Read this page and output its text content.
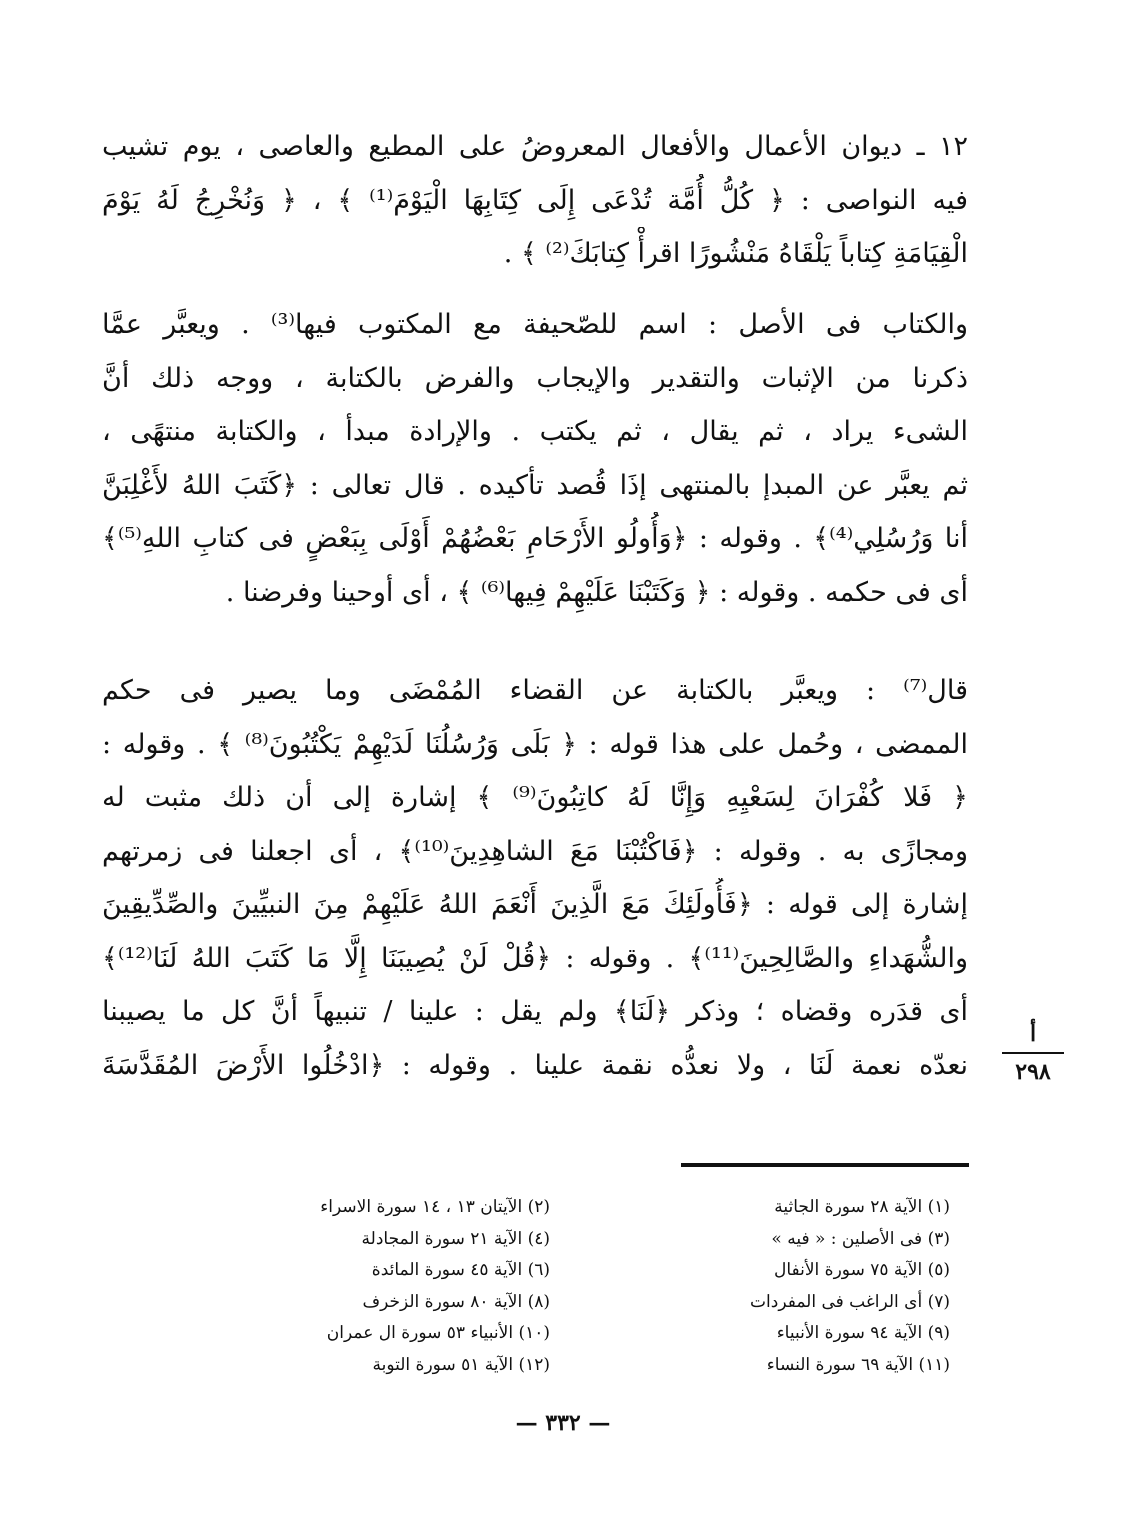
١٢ ـ ديوان الأعمال والأفعال المعروضُ على المطيع والعاصى ، يوم تشيب
فيه النواصى : ﴿ كُلُّ أُمَّة تُدْعَى إِلَى كِتَابِهَا الْيَوْمَ⁽¹⁾ ﴾ ، ﴿ وَنُخْرِجُ لَهُ يَوْمَ
الْقِيَامَةِ كِتاباً يَلْقَاهُ مَنْشُورًا اقرأْ كِتابَكَ⁽²⁾ ﴾ .
والكتاب فى الأصل : اسم للصّحيفة مع المكتوب فيها⁽³⁾ . ويعبَّر عمَّا
ذكرنا من الإثبات والتقدير والإيجاب والفرض بالكتابة ، ووجه ذلك أنَّ
الشىء يراد ، ثم يقال ، ثم يكتب . والإرادة مبدأ ، والكتابة منتهًى ،
ثم يعبَّر عن المبدإ بالمنتهى إذَا قُصد تأكيده . قال تعالى : ﴿كَتَبَ اللهُ لأَغْلِبَنَّ
أنا وَرُسُلِي⁽⁴⁾﴾ . وقوله : ﴿وَأُولُو الأَرْحَامِ بَعْضُهُمْ أَوْلَى بِبَعْضٍ فى كتابِ اللهِ⁽⁵⁾﴾
أى فى حكمه . وقوله : ﴿ وَكَتَبْنَا عَلَيْهِمْ فِيها⁽⁶⁾ ﴾ ، أى أوحينا وفرضنا .
قال⁽⁷⁾ : ويعبَّر بالكتابة عن القضاء المُمْضَى وما يصير فى حكم
الممضى ، وحُمل على هذا قوله : ﴿ بَلَى وَرُسُلُنَا لَدَيْهِمْ يَكْتُبُونَ⁽⁸⁾ ﴾ . وقوله :
﴿ فَلا كُفْرَانَ لِسَعْيِهِ وَإِنَّا لَهُ كاتِبُونَ⁽⁹⁾ ﴾ إشارة إلى أن ذلك مثبت له
ومجازًى به . وقوله : ﴿فَاكْتُبْنَا مَعَ الشاهِدِينَ⁽¹⁰⁾﴾ ، أى اجعلنا فى زمرتهم
إشارة إلى قوله : ﴿فَأُولَئِكَ مَعَ الَّذِينَ أَنْعَمَ اللهُ عَلَيْهِمْ مِنَ النبيِّينَ والصِّدِّيقِينَ
والشُّهَداءِ والصَّالِحِينَ⁽¹¹⁾﴾ . وقوله : ﴿قُلْ لَنْ يُصِيبَنَا إِلَّا مَا كَتَبَ اللهُ لَنَا⁽¹²⁾﴾
أى قدَره وقضاه ؛ وذكر ﴿لَنَا﴾ ولم يقل : علينا / تنبيهاً أنَّ كل ما يصيبنا
نعدّه نعمة لَنَا ، ولا نعدُّه نقمة علينا . وقوله : ﴿ادْخُلُوا الأَرْضَ المُقَدَّسَةَ
أ
٢٩٨
(١) الآية ٢٨ سورة الجاثية
(٣) فى الأصلين : « فيه »
(٥) الآية ٧٥ سورة الأنفال
(٧) أى الراغب فى المفردات
(٩) الآية ٩٤ سورة الأنبياء
(١١) الآية ٦٩ سورة النساء
(٢) الآيتان ١٣ ، ١٤ سورة الاسراء
(٤) الآية ٢١ سورة المجادلة
(٦) الآية ٤٥ سورة المائدة
(٨) الآية ٨٠ سورة الزخرف
(١٠) الأنبياء ٥٣ سورة ال عمران
(١٢) الآية ٥١ سورة التوبة
— ٣٣٢ —
